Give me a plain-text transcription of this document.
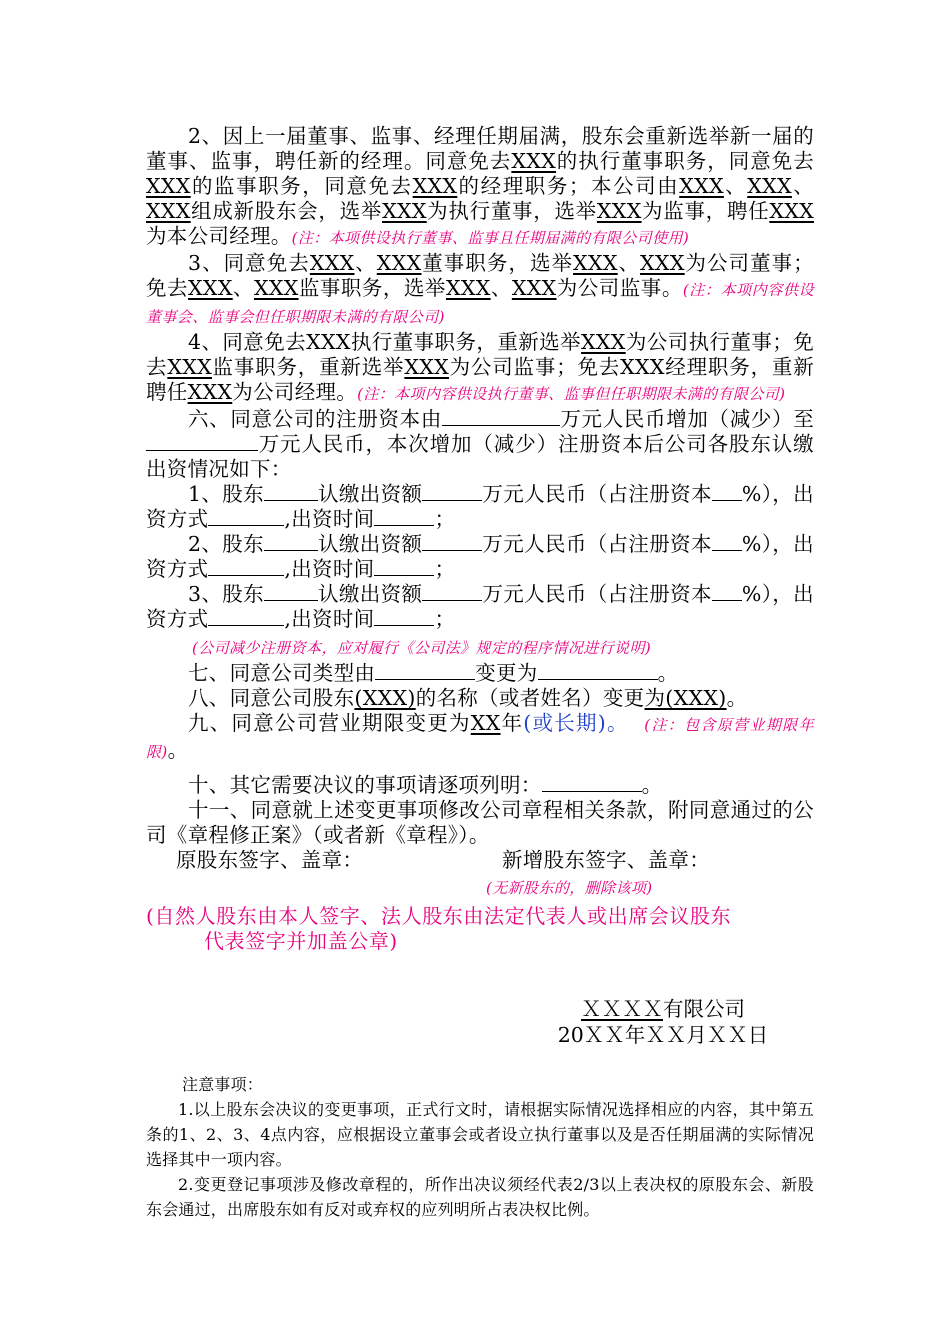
2、因上一届董事、监事、经理任期届满，股东会重新选举新一届的董事、监事，聘任新的经理。同意免去XXX的执行董事职务，同意免去XXX的监事职务，同意免去XXX的经理职务；本公司由XXX、XXX、XXX组成新股东会，选举XXX为执行董事，选举XXX为监事，聘任XXX为本公司经理。(注：本项供设执行董事、监事且任期届满的有限公司使用)

3、同意免去XXX、XXX董事职务，选举XXX、XXX为公司董事；免去XXX、XXX监事职务，选举XXX、XXX为公司监事。(注：本项内容供设董事会、监事会但任职期限未满的有限公司)

4、同意免去XXX执行董事职务，重新选举XXX为公司执行董事；免去XXX监事职务，重新选举XXX为公司监事；免去XXX经理职务，重新聘任XXX为公司经理。(注：本项内容供设执行董事、监事但任职期限未满的有限公司)

六、同意公司的注册资本由	万元人民币增加（减少）至万元人民币，本次增加（减少）注册资本后公司各股东认缴出资情况如下：

1、股东	认缴出资额	万元人民币（占注册资本 %），出资方式	,出资时间	；

2、股东	认缴出资额	万元人民币（占注册资本 %），出资方式	,出资时间	；

3、股东	认缴出资额	万元人民币（占注册资本 %），出资方式	,出资时间	；

(公司减少注册资本，应对履行《公司法》规定的程序情况进行说明)

七、同意公司类型由	变更为	。

八、同意公司股东(XXX)的名称（或者姓名）变更为(XXX)。

九、同意公司营业期限变更为XX年(或长期)。 (注：包含原营业期限年限)。

十、其它需要决议的事项请逐项列明：	。

十一、同意就上述变更事项修改公司章程相关条款，附同意通过的公司《章程修正案》（或者新《章程》）。

原股东签字、盖章：	新增股东签字、盖章：

(无新股东的，删除该项)

(自然人股东由本人签字、法人股东由法定代表人或出席会议股东
代表签字并加盖公章)

ＸＸＸＸ有限公司
20ＸＸ年ＸＸ月ＸＸ日

注意事项：

1.以上股东会决议的变更事项，正式行文时，请根据实际情况选择相应的内容，其中第五条的1、2、3、4点内容，应根据设立董事会或者设立执行董事以及是否任期届满的实际情况选择其中一项内容。

2.变更登记事项涉及修改章程的，所作出决议须经代表2/3以上表决权的原股东会、新股东会通过，出席股东如有反对或弃权的应列明所占表决权比例。
